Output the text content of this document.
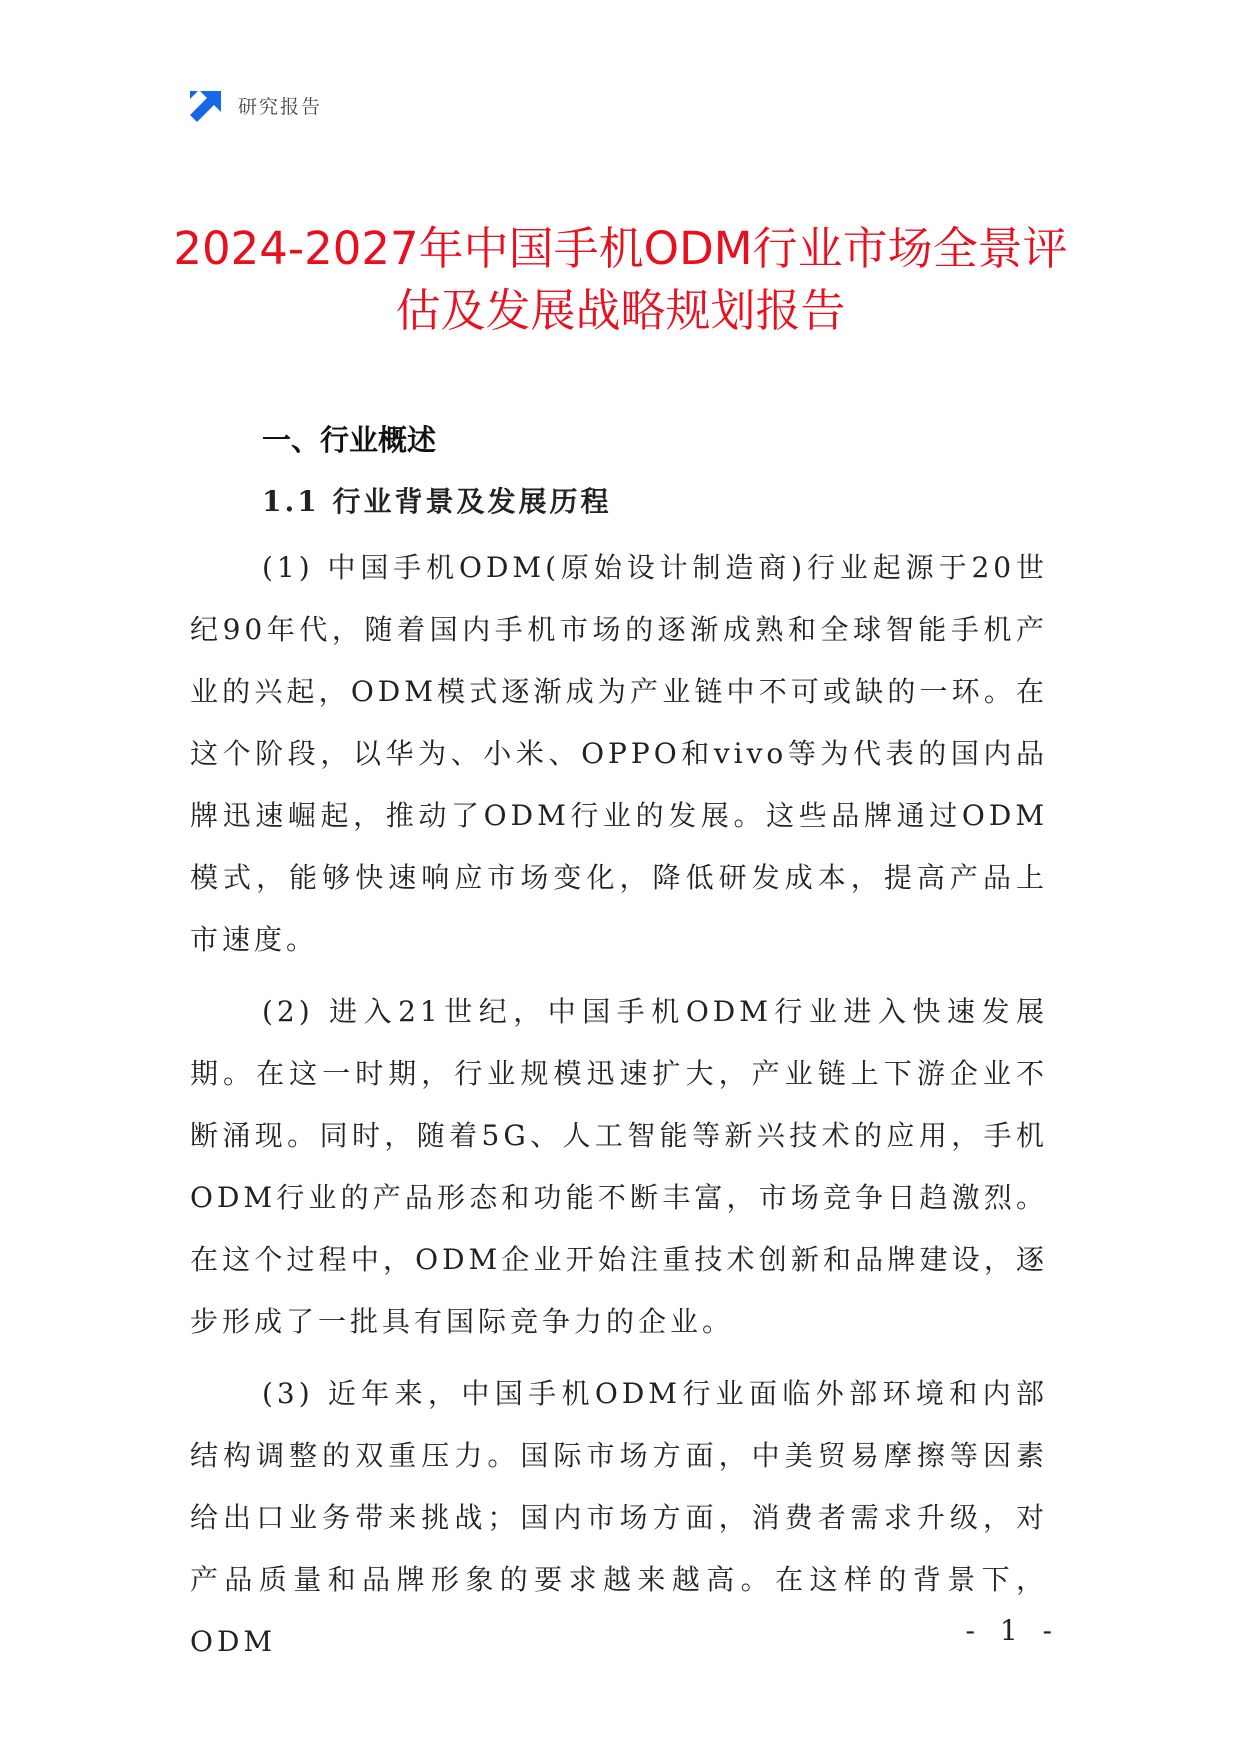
研究报告
2024-2027年中国手机ODM行业市场全景评
估及发展战略规划报告
一、行业概述
1.1 行业背景及发展历程

(1) 中国手机ODM(原始设计制造商)行业起源于20世纪90年代，随着国内手机市场的逐渐成熟和全球智能手机产业的兴起，ODM模式逐渐成为产业链中不可或缺的一环。在这个阶段，以华为、小米、OPPO和vivo等为代表的国内品牌迅速崛起，推动了ODM行业的发展。这些品牌通过ODM模式，能够快速响应市场变化，降低研发成本，提高产品上市速度。

(2) 进入21世纪，中国手机ODM行业进入快速发展期。在这一时期，行业规模迅速扩大，产业链上下游企业不断涌现。同时，随着5G、人工智能等新兴技术的应用，手机ODM行业的产品形态和功能不断丰富，市场竞争日趋激烈。在这个过程中，ODM企业开始注重技术创新和品牌建设，逐步形成了一批具有国际竞争力的企业。

(3) 近年来，中国手机ODM行业面临外部环境和内部结构调整的双重压力。国际市场方面，中美贸易摩擦等因素给出口业务带来挑战；国内市场方面，消费者需求升级，对产品质量和品牌形象的要求越来越高。在这样的背景下，ODM	- 1 -
